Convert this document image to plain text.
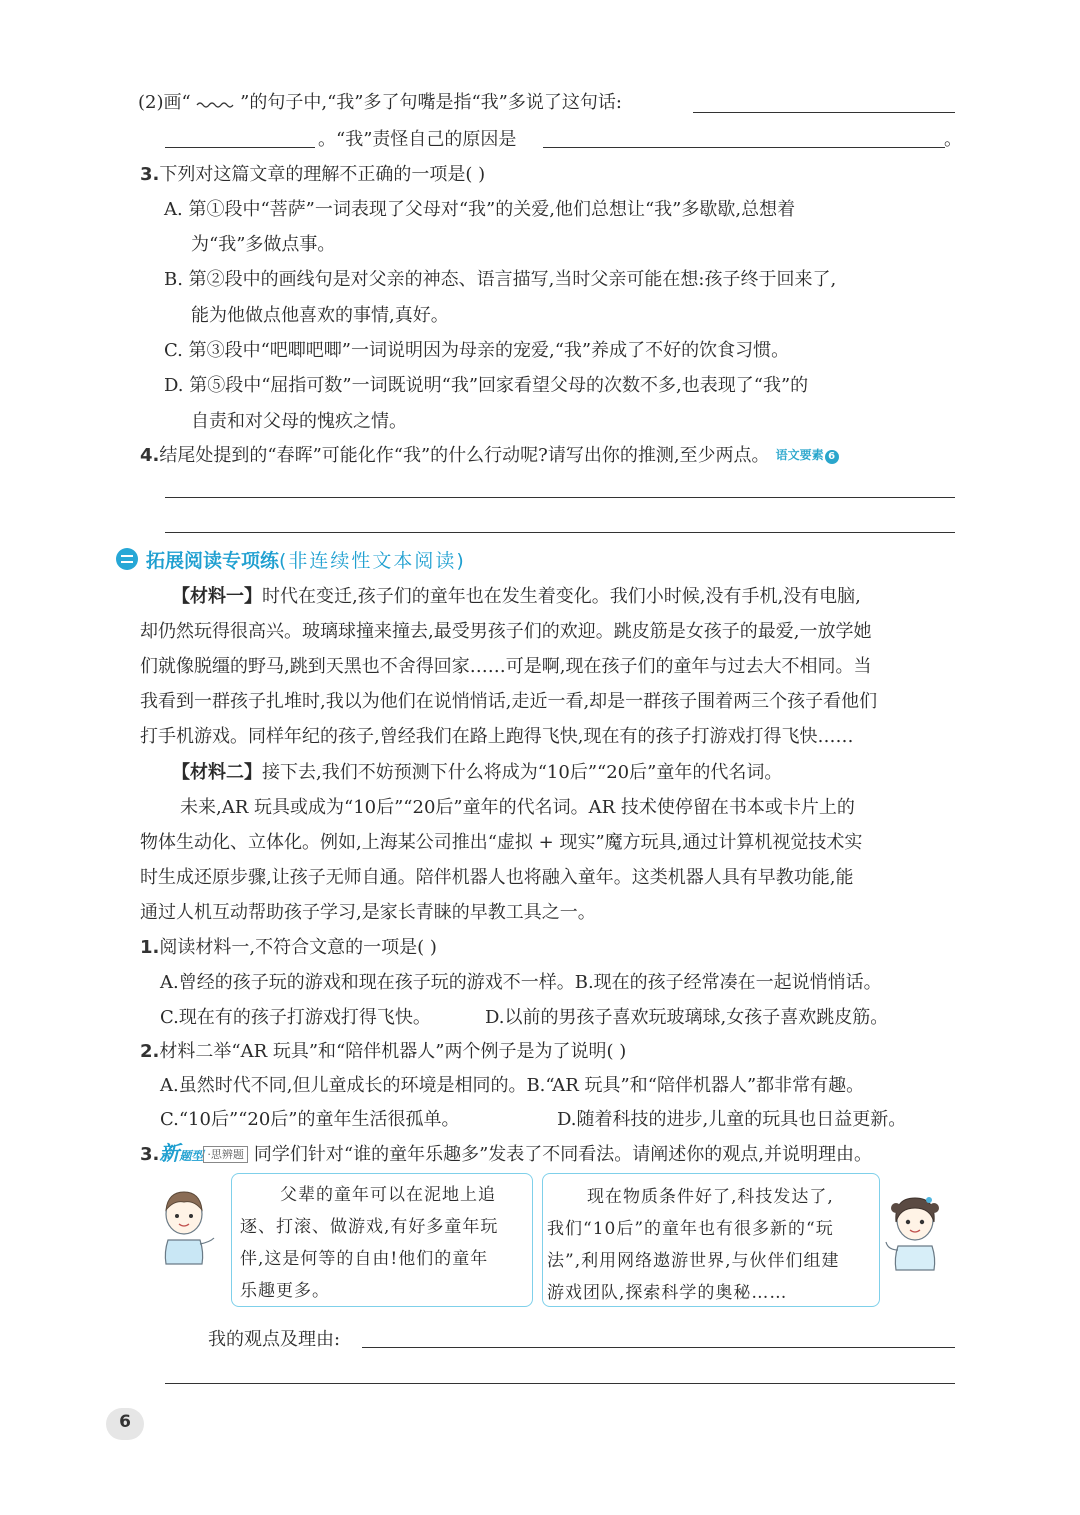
(2)画“  ”的句子中,“我”多了句嘴是指“我”多说了这句话:
。“我”责怪自己的原因是	。
3.下列对这篇文章的理解不正确的一项是( )
A. 第①段中“菩萨”一词表现了父母对“我”的关爱,他们总想让“我”多歇歇,总想着
为“我”多做点事。
B. 第②段中的画线句是对父亲的神态、语言描写,当时父亲可能在想:孩子终于回来了,
能为他做点他喜欢的事情,真好。
C. 第③段中“吧唧吧唧”一词说明因为母亲的宠爱,“我”养成了不好的饮食习惯。
D. 第⑤段中“屈指可数”一词既说明“我”回家看望父母的次数不多,也表现了“我”的
自责和对父母的愧疚之情。
4.结尾处提到的“春晖”可能化作“我”的什么行动呢?请写出你的推测,至少两点。 语文要素 6
拓展阅读专项练(非连续性文本阅读)
【材料一】时代在变迁,孩子们的童年也在发生着变化。我们小时候,没有手机,没有电脑,
却仍然玩得很高兴。玻璃球撞来撞去,最受男孩子们的欢迎。跳皮筋是女孩子的最爱,一放学她
们就像脱缰的野马,跳到天黑也不舍得回家……可是啊,现在孩子们的童年与过去大不相同。当
我看到一群孩子扎堆时,我以为他们在说悄悄话,走近一看,却是一群孩子围着两三个孩子看他们
打手机游戏。同样年纪的孩子,曾经我们在路上跑得飞快,现在有的孩子打游戏打得飞快……
【材料二】接下去,我们不妨预测下什么将成为“10后”“20后”童年的代名词。
未来,AR 玩具或成为“10后”“20后”童年的代名词。AR 技术使停留在书本或卡片上的
物体生动化、立体化。例如,上海某公司推出“虚拟 + 现实”魔方玩具,通过计算机视觉技术实
时生成还原步骤,让孩子无师自通。陪伴机器人也将融入童年。这类机器人具有早教功能,能
通过人机互动帮助孩子学习,是家长青睐的早教工具之一。
1.阅读材料一,不符合文意的一项是( )
A.曾经的孩子玩的游戏和现在孩子玩的游戏不一样。B.现在的孩子经常凑在一起说悄悄话。
C.现在有的孩子打游戏打得飞快。	D.以前的男孩子喜欢玩玻璃球,女孩子喜欢跳皮筋。
2.材料二举“AR 玩具”和“陪伴机器人”两个例子是为了说明( )
A.虽然时代不同,但儿童成长的环境是相同的。B.“AR 玩具”和“陪伴机器人”都非常有趣。
C.“10后”“20后”的童年生活很孤单。	D.随着科技的进步,儿童的玩具也日益更新。
3.新题型 ·思辨题 同学们针对“谁的童年乐趣多”发表了不同看法。请阐述你的观点,并说明理由。
父辈的童年可以在泥地上追
逐、打滚、做游戏,有好多童年玩
伴,这是何等的自由!他们的童年
乐趣更多。
现在物质条件好了,科技发达了,
我们“10后”的童年也有很多新的“玩
法”,利用网络遨游世界,与伙伴们组建
游戏团队,探索科学的奥秘……
我的观点及理由:
6
